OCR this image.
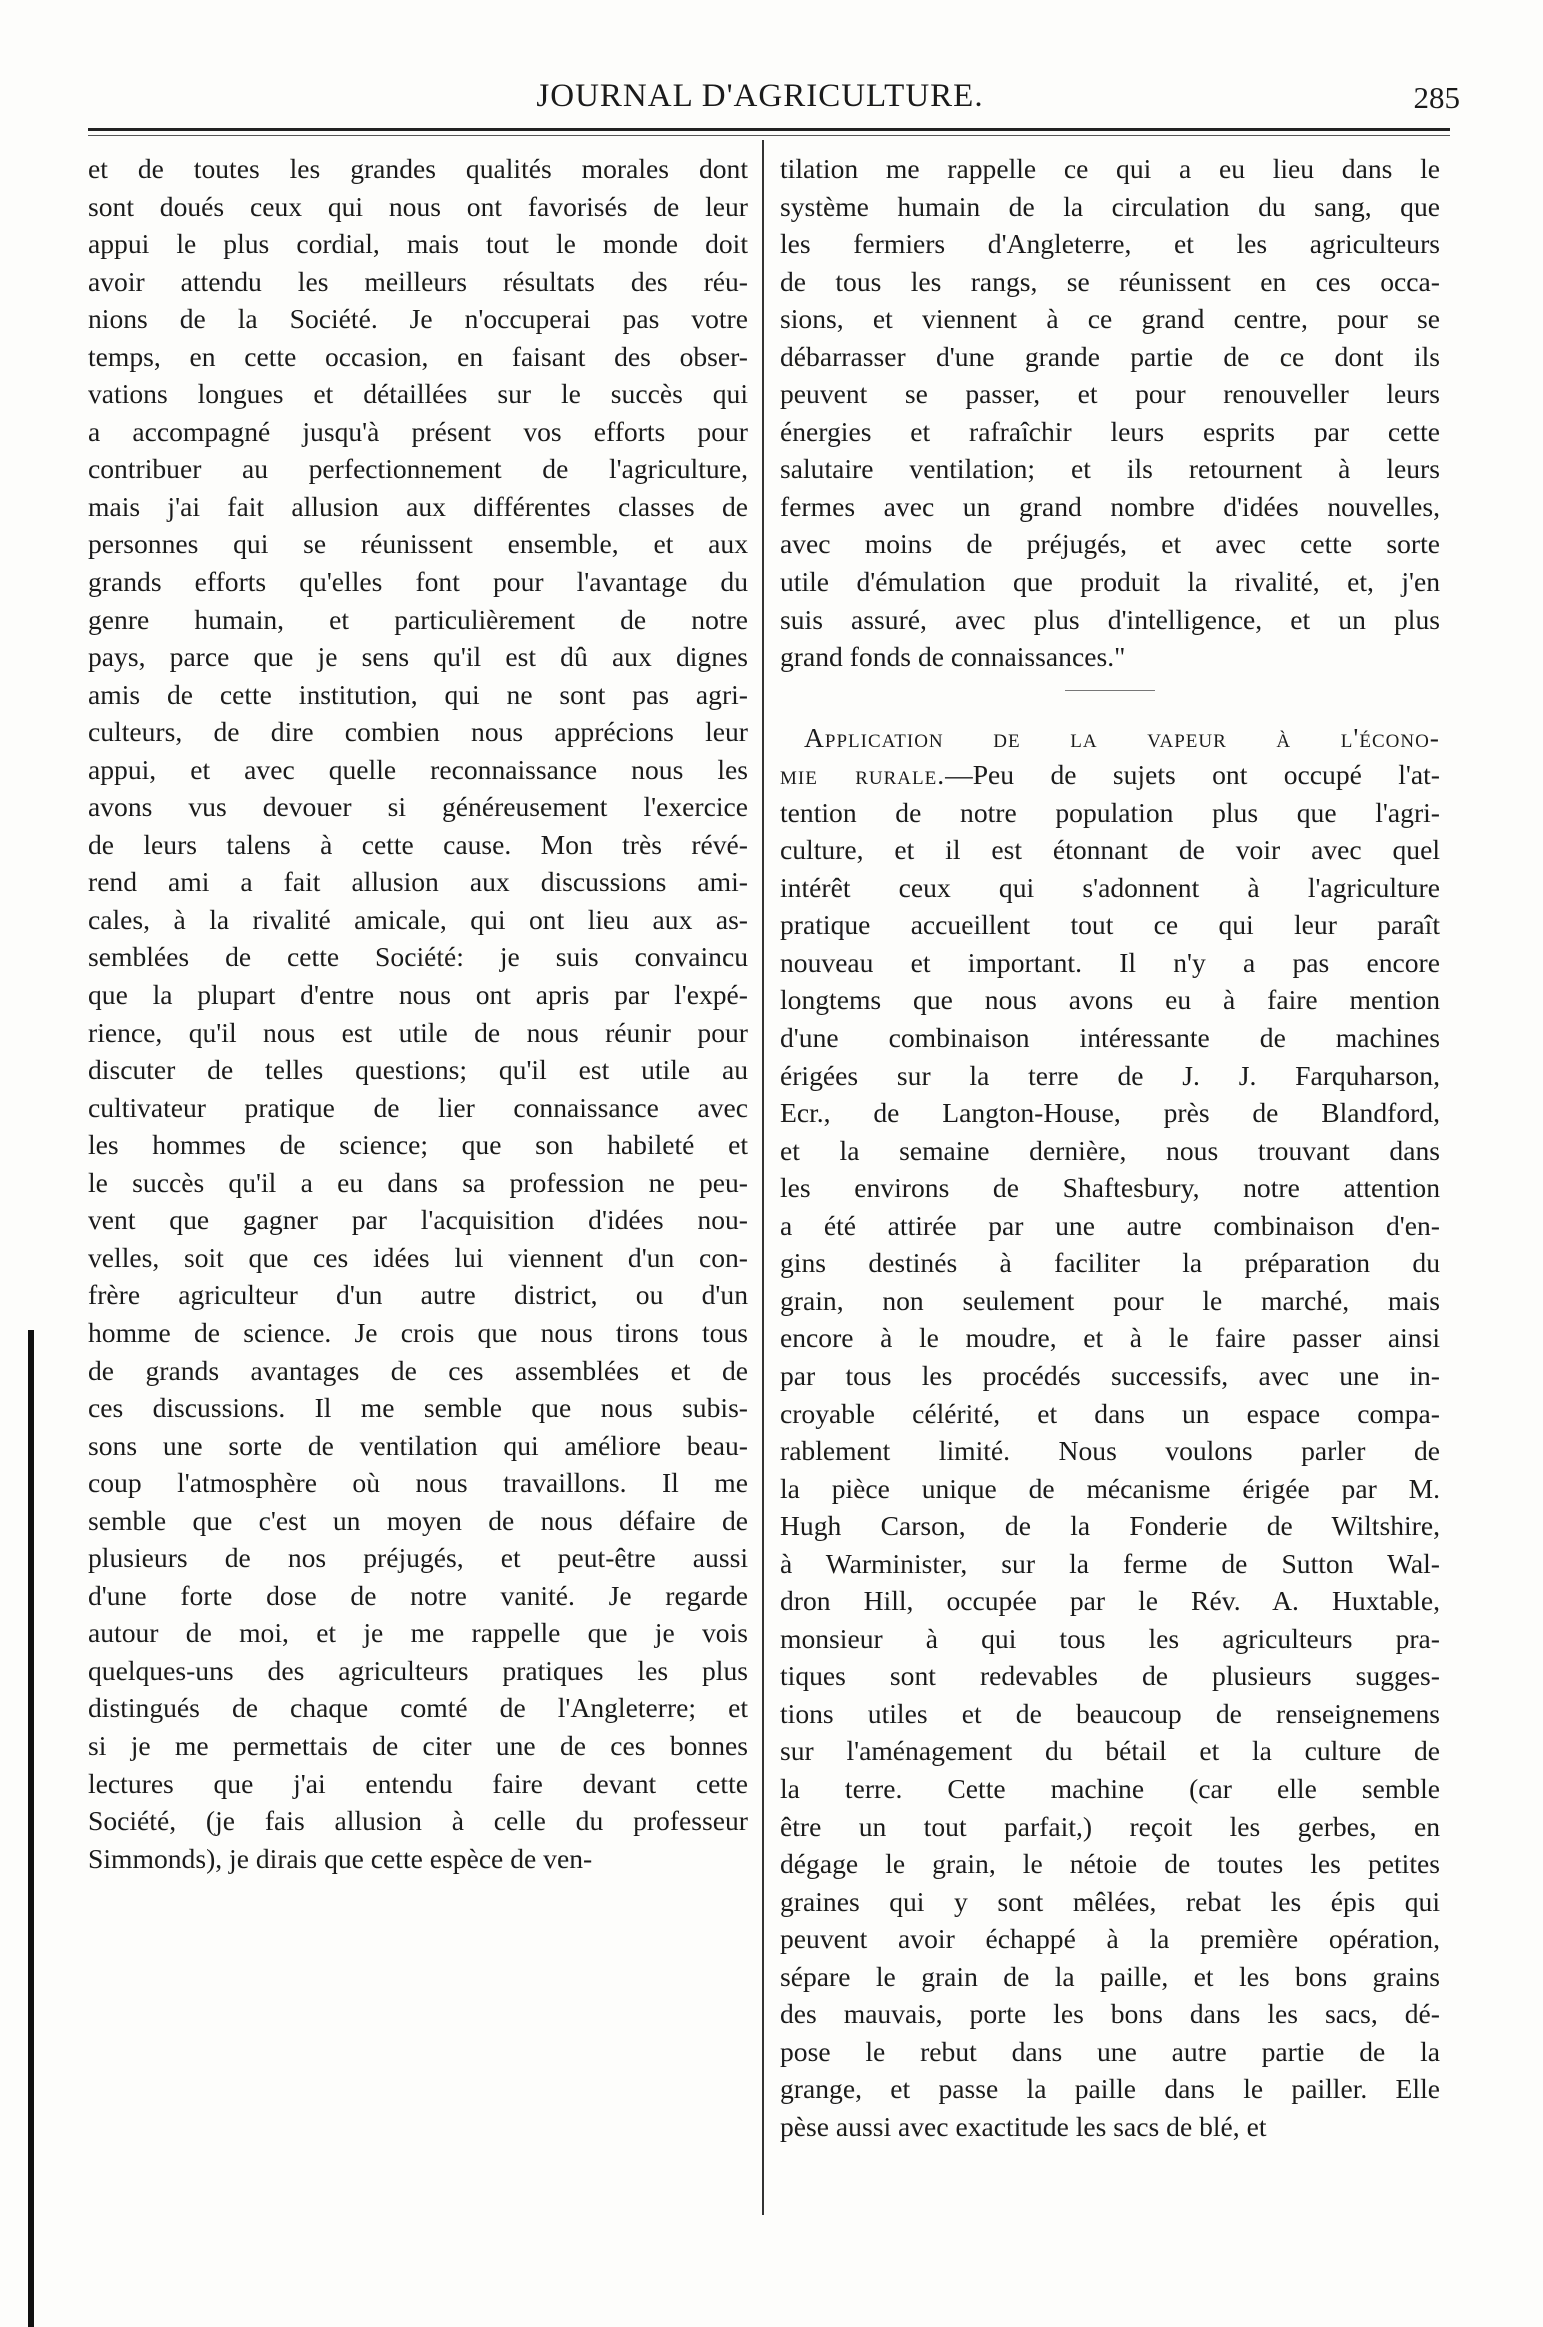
JOURNAL D'AGRICULTURE.	285
et de toutes les grandes qualités morales dont
sont doués ceux qui nous ont favorisés de leur
appui le plus cordial, mais tout le monde doit
avoir attendu les meilleurs résultats des réu-
nions de la Société. Je n'occuperai pas votre
temps, en cette occasion, en faisant des obser-
vations longues et détaillées sur le succès qui
a accompagné jusqu'à présent vos efforts pour
contribuer au perfectionnement de l'agriculture,
mais j'ai fait allusion aux différentes classes de
personnes qui se réunissent ensemble, et aux
grands efforts qu'elles font pour l'avantage du
genre humain, et particulièrement de notre
pays, parce que je sens qu'il est dû aux dignes
amis de cette institution, qui ne sont pas agri-
culteurs, de dire combien nous apprécions leur
appui, et avec quelle reconnaissance nous les
avons vus devouer si généreusement l'exercice
de leurs talens à cette cause. Mon très révé-
rend ami a fait allusion aux discussions ami-
cales, à la rivalité amicale, qui ont lieu aux as-
semblées de cette Société: je suis convaincu
que la plupart d'entre nous ont apris par l'expé-
rience, qu'il nous est utile de nous réunir pour
discuter de telles questions; qu'il est utile au
cultivateur pratique de lier connaissance avec
les hommes de science; que son habileté et
le succès qu'il a eu dans sa profession ne peu-
vent que gagner par l'acquisition d'idées nou-
velles, soit que ces idées lui viennent d'un con-
frère agriculteur d'un autre district, ou d'un
homme de science. Je crois que nous tirons tous
de grands avantages de ces assemblées et de
ces discussions. Il me semble que nous subis-
sons une sorte de ventilation qui améliore beau-
coup l'atmosphère où nous travaillons. Il me
semble que c'est un moyen de nous défaire de
plusieurs de nos préjugés, et peut-être aussi
d'une forte dose de notre vanité. Je regarde
autour de moi, et je me rappelle que je vois
quelques-uns des agriculteurs pratiques les plus
distingués de chaque comté de l'Angleterre; et
si je me permettais de citer une de ces bonnes
lectures que j'ai entendu faire devant cette
Société, (je fais allusion à celle du professeur
Simmonds), je dirais que cette espèce de ven-
tilation me rappelle ce qui a eu lieu dans le
système humain de la circulation du sang, que
les fermiers d'Angleterre, et les agriculteurs
de tous les rangs, se réunissent en ces occa-
sions, et viennent à ce grand centre, pour se
débarrasser d'une grande partie de ce dont ils
peuvent se passer, et pour renouveller leurs
énergies et rafraîchir leurs esprits par cette
salutaire ventilation; et ils retournent à leurs
fermes avec un grand nombre d'idées nouvelles,
avec moins de préjugés, et avec cette sorte
utile d'émulation que produit la rivalité, et, j'en
suis assuré, avec plus d'intelligence, et un plus
grand fonds de connaissances."
Application de la vapeur à l'écono-
mie rurale.—Peu de sujets ont occupé l'at-
tention de notre population plus que l'agri-
culture, et il est étonnant de voir avec quel
intérêt ceux qui s'adonnent à l'agriculture
pratique accueillent tout ce qui leur paraît
nouveau et important. Il n'y a pas encore
longtems que nous avons eu à faire mention
d'une combinaison intéressante de machines
érigées sur la terre de J. J. Farquharson,
Ecr., de Langton-House, près de Blandford,
et la semaine dernière, nous trouvant dans
les environs de Shaftesbury, notre attention
a été attirée par une autre combinaison d'en-
gins destinés à faciliter la préparation du
grain, non seulement pour le marché, mais
encore à le moudre, et à le faire passer ainsi
par tous les procédés successifs, avec une in-
croyable célérité, et dans un espace compa-
rablement limité. Nous voulons parler de
la pièce unique de mécanisme érigée par M.
Hugh Carson, de la Fonderie de Wiltshire,
à Warminister, sur la ferme de Sutton Wal-
dron Hill, occupée par le Rév. A. Huxtable,
monsieur à qui tous les agriculteurs pra-
tiques sont redevables de plusieurs sugges-
tions utiles et de beaucoup de renseignemens
sur l'aménagement du bétail et la culture de
la terre. Cette machine (car elle semble
être un tout parfait,) reçoit les gerbes, en
dégage le grain, le nétoie de toutes les petites
graines qui y sont mêlées, rebat les épis qui
peuvent avoir échappé à la première opération,
sépare le grain de la paille, et les bons grains
des mauvais, porte les bons dans les sacs, dé-
pose le rebut dans une autre partie de la
grange, et passe la paille dans le pailler. Elle
pèse aussi avec exactitude les sacs de blé, et
